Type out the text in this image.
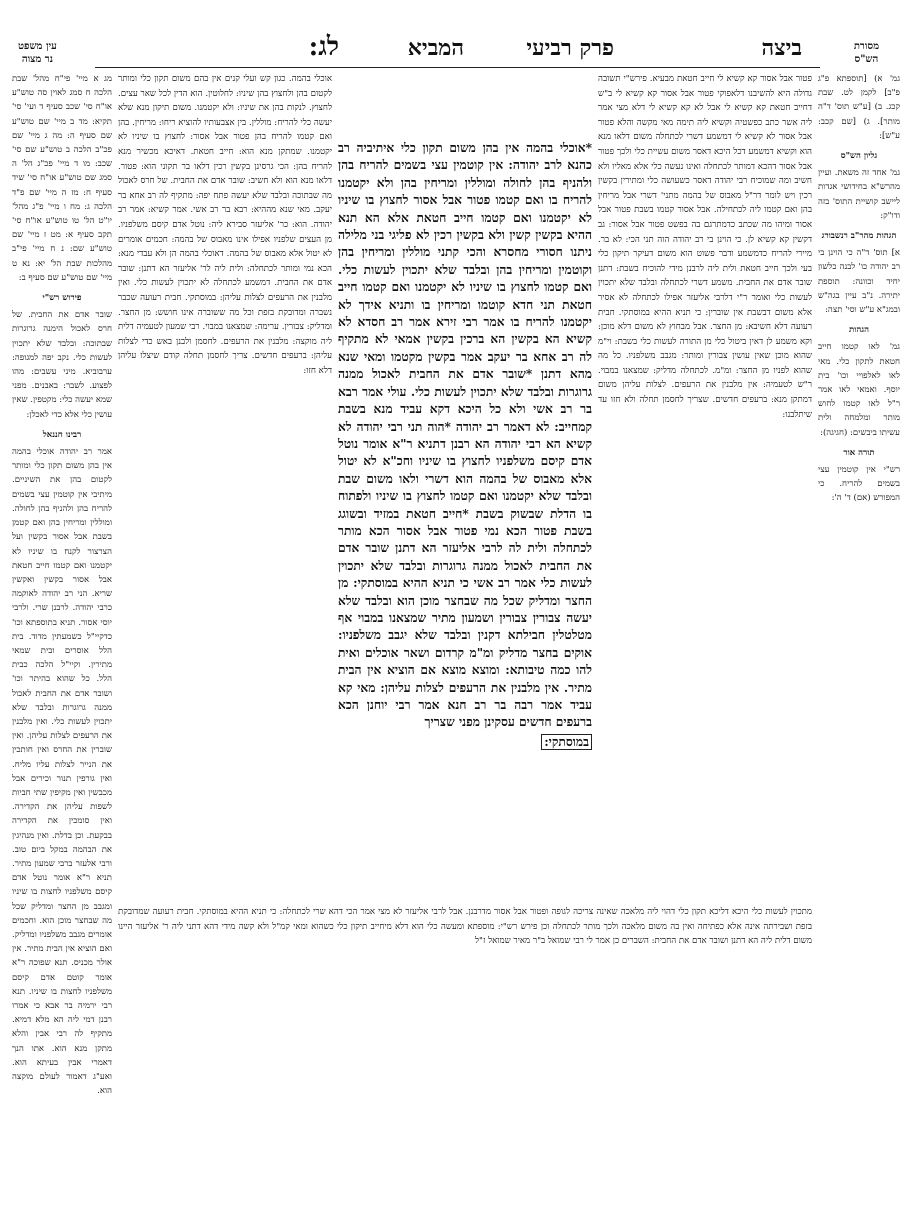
מסורת
הש"ס
לג:	המביא	פרק רביעי	ביצה
עין משפט
נר מצוה

גמ' א) [תוספתא פ"ג פ"ב] לקמן לט. שבת קכג. ב) [ע"ש תוס' ד"ה מותר]. ג) [שם קכב: ע"ש]:

גליון הש"ס

גמ' אחד זה משאת. ועיין מהרש"א בחידושי אגדות ליישב קושיית התוס' בזה ודו"ק:

הגהות מהר"ב רנשבורג

א] תוס' ד"ה כי הוינן בי רב יהודה כו' לבנה כלשון יחיד וכוונה: תוספת יתירה. נ"ב עיין בגה"ש ובמג"א ע"ש וסי' תצה:

הגהות

גמ' לאו קטמו חייב חטאת לתקון כלי. מאי לאו לאלפויי וכו' בית יוסף. ואמאי לאו אמר ר"ל לאו קטמו לחוש מותר ומלמחה ולית עשיתו ביבשים: (חגיגה):

תורה אור

רש"י אין קוטמין עצי בשמים להריח. כי המפורש (אם) ד' ה':

פטור אבל אסור קא קשיא לי חייב חטאת מבעיא. פירש"י תשובה גדולה היא להשיבנו דלאפוקי פטור אבל אסור קא קשיא לי ב"ש דחייב חטאת קא קשיא לי אבל לא קא קשיא לי דלא מצי אמר ליה אשר כתב כפשטיה וקשיא ליה תימה מאי מקשה והלא פטור אבל אסור לא קשיא לי דמשמע דשרי לכתחלה משום דלאו מנא הוא וקשיא דמשמע דכל היכא דאסר משום עשיית כלי ולכך פטור אבל אסור דהכא דמותר לכתחלה ואינו נעשה כלי אלא מאליו ולא חשיב ומה שמוכיח רבי יהודה דאסר כשעושה כלי ומתירין בקשין רכין ויש לומר דר"ל מאבוס של בהמה מתני' דשרי אבל מריחין בהן ואם קטמו ליה לכתחילה. אבל אסור קטמו בשבת פטור אבל אסור ומיהו מה שכתב כדמתרגם בה בפשט פטור אבל אסור: גב דקשין קא קשיא לן. כי הוינן בי רב יהודה הוה תני הכי: לא בר. מיירי להריח כדמשמע ודבר פשוט הוא משום דעיקר תיקון כלי בעי ולכך חייב חטאת ולית ליה לרבנן מידי להוכיח בשבת: דתנן שובר אדם את החבית. משמע דשרי לכתחלה ובלבד שלא יתכוין לעשות כלי ואומר ר"י דלרבי אליעזר אפילו לכתחלה לא אסיר אלא משום דבשבת אין שוברין: כי תניא ההיא במוסתקי. חבית רעועה דלא חשיבא: מן החצר. אבל מבחוץ לא משום דלא מוכן: וקא משמע לן דאין ביטול כלי מן התורה לעשות כלי בשבת: וי"מ שהוא מוכן שאין עושין צבורין ומותר: מגבב משלפניו. כל מה שהוא לפניו מן החצר: ומ"מ. לכתחלה מדליק: שמצאנו במבוי. ר"ש לטעמיה: אין מלבנין את הרעפים. לצלות עליהן משום דמתקן מנא: ברעפים חדשים. שצריך לחסמן תחלה ולא חזו עד שיתלבנו:

*אוכלי בהמה אין בהן משום תקון כלי איתיביה רב כהנא לרב יהודה: אין קוטמין עצי בשמים להריח בהן ולהניף בהן לחולה ומוללין ומריחין בהן ולא יקטמנו להריח בו ואם קטמו פטור אבל אסור לחצוץ בו שיניו לא יקטמנו ואם קטמו חייב חטאת אלא הא תנא ההיא בקשין קשין ולא בקשין רכין לא פליגי בני מלילה ניתנו חסורי מחסרא והכי קתני מוללין ומריחין בהן וקוטמין ומריחין בהן ובלבד שלא יתכוין לעשות כלי. ואם קטמו לחצוץ בו שיניו לא יקטמנו ואם קטמו חייב חטאת תני חדא קוטמו ומריחין בו ותניא אידך לא יקטמנו להריח בו אמר רבי זירא אמר רב חסדא לא קשיא הא בקשין הא ברכין בקשין אמאי לא מתקיף לה רב אחא בר יעקב אמר בקשין מקטמו ומאי שנא מהא דתנן *שובר אדם את החבית לאכול ממנה גרוגרות ובלבד שלא יתכוין לעשות כלי. עולי אמר רבא בר רב אשי ולא כל היכא דקא עביד מנא בשבת קמחייב: לא דאמר רב יהודה *הוה תני רבי יהודה לא קשיא הא רבי יהודה הא רבנן דתניא ר"א אומר נוטל אדם קיסם משלפניו לחצוץ בו שיניו וחכ"א לא יטול אלא מאבוס של בהמה הוא דשרי ולאו משום שבת ובלבד שלא יקטמנו ואם קטמו לחצוץ בו שיניו ולפתוח בו הדלת שבשוק בשבת *חייב חטאת במזיד ובשוגג בשבת פטור הכא נמי פטור אבל אסור הכא מותר לכתחלה ולית לה לרבי אליעזר הא דתנן שובר אדם את החבית לאכול ממנה גרוגרות ובלבד שלא יתכוין לעשות כלי אמר רב אשי כי תניא ההיא במוסתקי: מן החצר ומדליק שכל מה שבחצר מוכן הוא ובלבד שלא יעשה צבורין צבורין ושמעון מתיר שמצאנו במבוי אף מטלטלין חבילתא דקנין ובלבד שלא יגבב משלפניו: אוקים בחצר מדליק ומ"מ קרדום ושאר אוכלים ואית להו כמה טיבותא: ומוצא מוצא אם הוציא אין הבית מתיר. אין מלבנין את הרעפים לצלות עליהן: מאי קא עביד אמר רבה בר רב חנא אמר רבי יוחנן הכא ברעפים חדשים עסקינן מפני שצריך

במוסתקי:

אוכלי בהמה. כגון קש ועלי קנים אין בהם משום תקון כלי ומותר לקטום בהן ולחצוץ בהן שיניו: לחלוטין. הוא הדין לכל שאר עצים. לחצוץ. לנקות בהן את שיניו: ולא יקטמנו. משום תיקון מנא שלא יעשה כלי להריח: מוללין. בין אצבעותיו להוציא ריחו: מריחין. בהן ואם קטמו להריח בהן פטור אבל אסור: לחצוץ בו שיניו לא יקטמנו. שמתקן מנא הוא: חייב חטאת. דאיכא מכשיר מנא להריח בהן: הכי גרסינן בקשין רכין דלאו בר תקוני הוא: פטור. דלאו מנא הוא ולא חשיב: שובר אדם את החבית. של חרס לאכול מה שבתוכה ובלבד שלא יעשה פתח יפה: מתקיף לה רב אחא בר יעקב. מאי שנא מההיא: רבא בר רב אשי. אמר קשיא: אמר רב יהודה. הוא: כר' אליעזר סבירא ליה: נוטל אדם קיסם משלפניו. מן העצים שלפניו אפילו אינו מאבוס של בהמה: חכמים אומרים לא יטול אלא מאבוס של בהמה. דאוכלי בהמה הן ולא עבדי מנא: הכא נמי ומותר לכתחלה: ולית ליה לר' אליעזר הא דתנן: שובר אדם את החבית. דמשמע לכתחלה לא יתכוין לעשות כלי. ואין מלבנין את הרעפים לצלות עליהן: במוסתקי. חבית רעועה שכבר נשברה ומדובקת בזפת וכל מה ששוברה אינו חושש: מן החצר. ומדליק: צבורין. ערימה: שמצאנו במבוי. רבי שמעון לטעמיה דלית ליה מוקצה: מלבנין את הרעפים. לחסמן ולבנן באש כדי לצלות עליהן: ברעפים חדשים. צריך לחסמן תחלה קודם שיצלו עליהן דלא חזו:

מתכוין לעשות כלי היכא דליכא תקון כלי דהוי ליה מלאכה שאינה צריכה לגופה ופטור אבל אסור מדרבנן. אבל לרבי אליעזר לא מצי אמר הכי דהא שרי לכתחלה: כי תניא ההיא במוסתקי. חבית רעועה שמדובקת בזפת ושבירתה אינה אלא כפתיחה ואין בה משום מלאכה ולכך מותר לכתחלה וכן פירש רש"י: מוספתא ומעשה כלי הוא דלא מיחייב תיקון כלי כשהוא ומאי קמ"ל ולא קשה מידי דהא דתני ליה ר' אליעזר היינו משום דלית ליה הא דתנן ושובר אדם את החבית: השברים כן אמר לי רבי שמואל ב"ר מאיר שמואל ז"ל

מג א מיי' פי"ח מהל' שבת הלכה ח סמג לאוין סה טוש"ע או"ח סי' שכב סעיף ד ועי' סי' תקיא: מד ב מיי' שם טוש"ע שם סעיף ה: מה ג מיי' שם פכ"ב הלכה ב טוש"ע שם סי' שכב: מו ד מיי' פכ"ג הל' ה סמג שם טוש"ע או"ח סי' שיד סעיף ח: מז ה מיי' שם פ"ד הלכה ג: מח ו מיי' פ"ג מהל' יו"ט הל' טו טוש"ע או"ח סי' תקב סעיף א: מט ז מיי' שם טוש"ע שם: נ ח מיי' פי"ב מהלכות שבת הל' יא: נא ט מיי' שם טוש"ע שם סעיף ב:

פירוש רש"י

שובר אדם את החבית. של חרס לאכול הימנה גרוגרות שבתוכה: ובלבד שלא יתכוין לעשות כלי. נקב יפה למגופה: ערבוביא. מיני עשבים: מהו לפצוע. לשבר: באבנים. מפני שמא יעשה כלי: מקטפין. שאין עושין כלי אלא כדי לאכלן:

רבינו חננאל

אמר רב יהודה אוכלי בהמה אין בהן משום תקון כלי ומותר לקטום בהן את השיניים. מיתיבי אין קוטמין עצי בשמים להריח בהן ולהניף בהן לחולה. ומוללין ומריחין בהן ואם קטמן בשבת אבל אסור בקשין ועל הצרצור לקנח בו שיניו לא יקטמנו ואם קטמו חייב חטאת אבל אסור בקשין ואקשין שריא. הני רב יהודה לאוקמה כרבי יהודה. לרבנן שרי. ולרבי יוסי אסור. תניא בתוספתא וכו' כדקיי"ל כשמעתין מדוד. בית הלל אוסרים ובית שמאי מתירין. וקיי"ל הלכה כבית הלל. כל שהוא בהיתר וכו' ושובר אדם את החבית לאכול ממנה גרוגרות ובלבד שלא יתכוין לעשות כלי. ואין מלבנין את הרעפים לצלות עליהן. ואין שוברין את החרס ואין חותכין את הנייר לצלות עליו מליח. ואין גורפין תנור וכירים אבל מכבשין ואין מקיפין שתי חביות לשפות עליהן את הקדירה. ואין סומכין את הקדירה בבקעת. וכן בדלת. ואין מנהיגין את הבהמה במקל ביום טוב. ורבי אלעזר ברבי שמעון מתיר. תניא ר"א אומר נוטל אדם קיסם משלפניו לחצות בו שיניו ומגבב מן החצר ומדליק שכל מה שבחצר מוכן הוא. וחכמים אומרים מגבב משלפניו ומדליק. ואם הוציא אין הבית מתיר. אין אולר מכניס. תנא שפוכה ר"א אומר קוטם אדם קיסם משלפניו לחצות בו שיניו. תנא רבי ירמיה בר אבא כי אמרו רבנן דמי ליה הא מלא דמיא. מתקיף לה רבי אבין והלא מתקן מנא הוא. אתו הנך דאמרי אבין בעיתא הוא. ואע"ג דאמור לעולם מוקצה הוא.
